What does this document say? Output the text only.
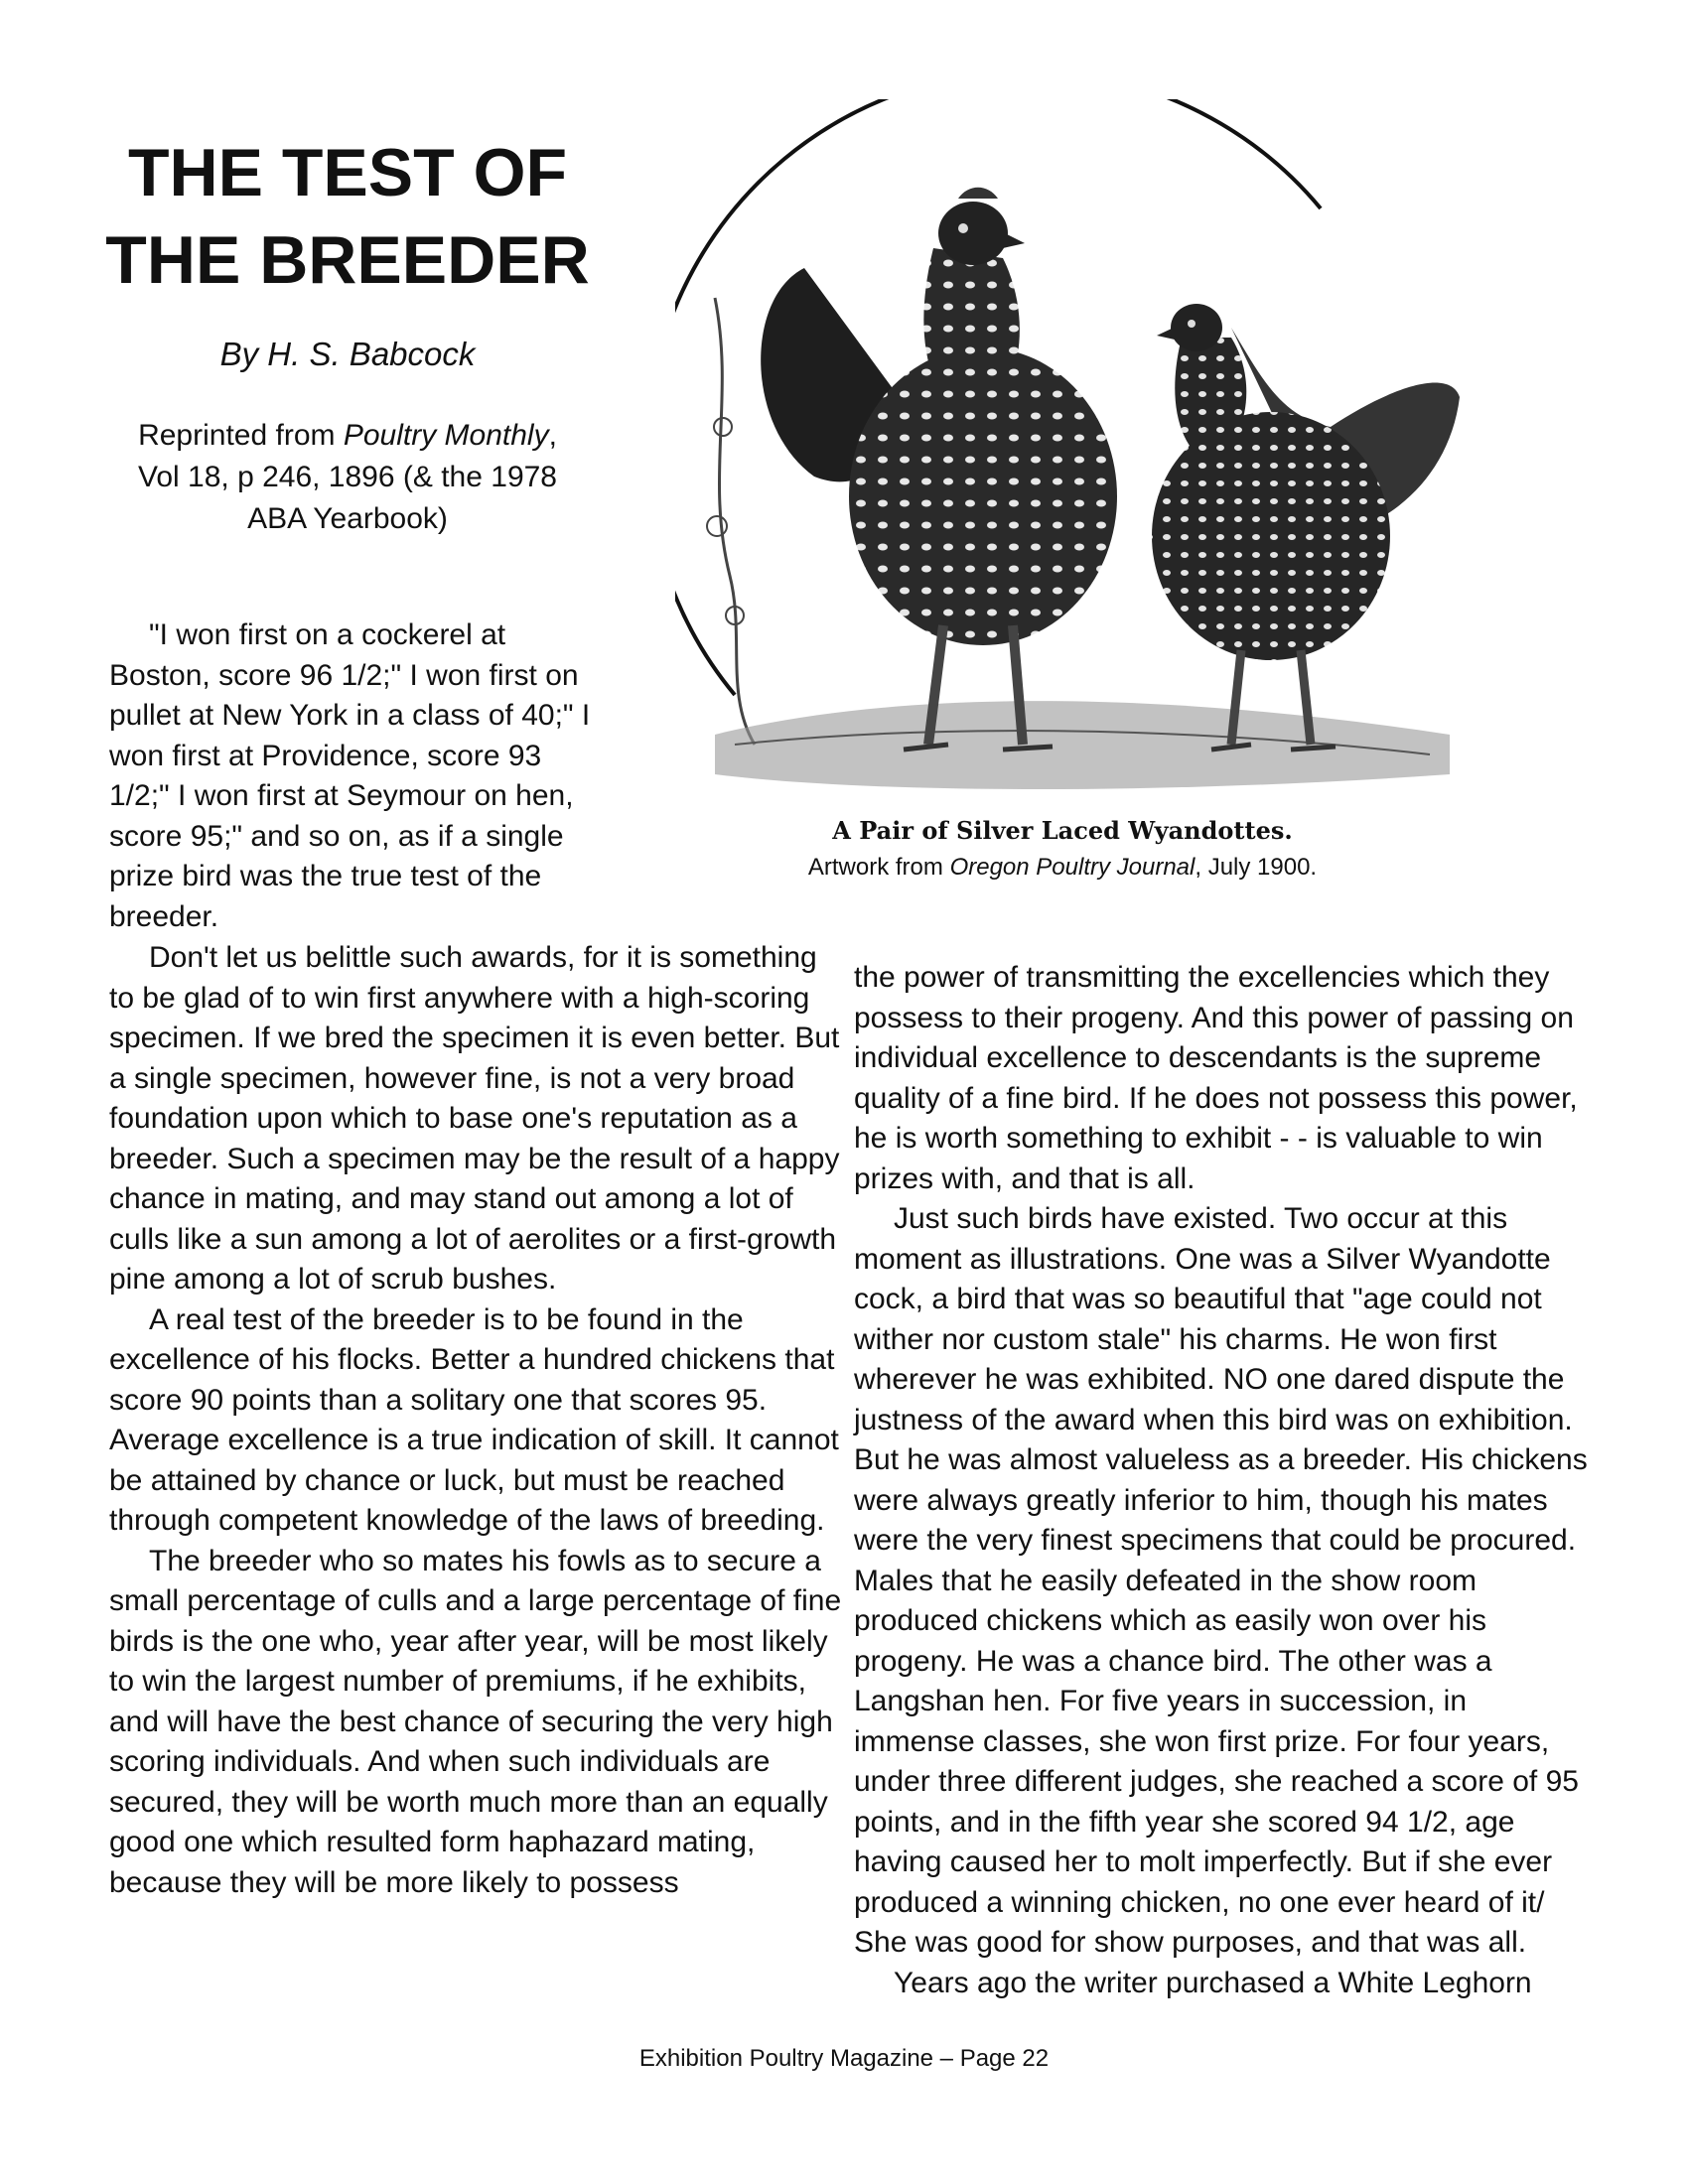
THE TEST OF
THE BREEDER

By H. S. Babcock

Reprinted from Poultry Monthly,
Vol 18, p 246, 1896 (& the 1978
ABA Yearbook)

A Pair of Silver Laced Wyandottes.

Artwork from Oregon Poultry Journal, July 1900.

"I won first on a cockerel at Boston, score 96 1/2;" I won first on pullet at New York in a class of 40;" I won first at Providence, score 93 1/2;" I won first at Seymour on hen, score 95;" and so on, as if a single prize bird was the true test of the breeder.

Don't let us belittle such awards, for it is something to be glad of to win first anywhere with a high-scoring specimen. If we bred the specimen it is even better. But a single specimen, however fine, is not a very broad foundation upon which to base one's reputation as a breeder. Such a specimen may be the result of a happy chance in mating, and may stand out among a lot of culls like a sun among a lot of aerolites or a first-growth pine among a lot of scrub bushes.

A real test of the breeder is to be found in the excellence of his flocks. Better a hundred chickens that score 90 points than a solitary one that scores 95. Average excellence is a true indication of skill. It cannot be attained by chance or luck, but must be reached through competent knowledge of the laws of breeding.

The breeder who so mates his fowls as to secure a small percentage of culls and a large percentage of fine birds is the one who, year after year, will be most likely to win the largest number of premiums, if he exhibits, and will have the best chance of securing the very high scoring individuals. And when such individuals are secured, they will be worth much more than an equally good one which resulted form haphazard mating, because they will be more likely to possess

the power of transmitting the excellencies which they possess to their progeny. And this power of passing on individual excellence to descendants is the supreme quality of a fine bird. If he does not possess this power, he is worth something to exhibit - - is valuable to win prizes with, and that is all.

Just such birds have existed. Two occur at this moment as illustrations. One was a Silver Wyandotte cock, a bird that was so beautiful that "age could not wither nor custom stale" his charms. He won first wherever he was exhibited. NO one dared dispute the justness of the award when this bird was on exhibition. But he was almost valueless as a breeder. His chickens were always greatly inferior to him, though his mates were the very finest specimens that could be procured. Males that he easily defeated in the show room produced chickens which as easily won over his progeny. He was a chance bird. The other was a Langshan hen. For five years in succession, in immense classes, she won first prize. For four years, under three different judges, she reached a score of 95 points, and in the fifth year she scored 94 1/2, age having caused her to molt imperfectly. But if she ever produced a winning chicken, no one ever heard of it/ She was good for show purposes, and that was all.

Years ago the writer purchased a White Leghorn

Exhibition Poultry Magazine – Page 22
